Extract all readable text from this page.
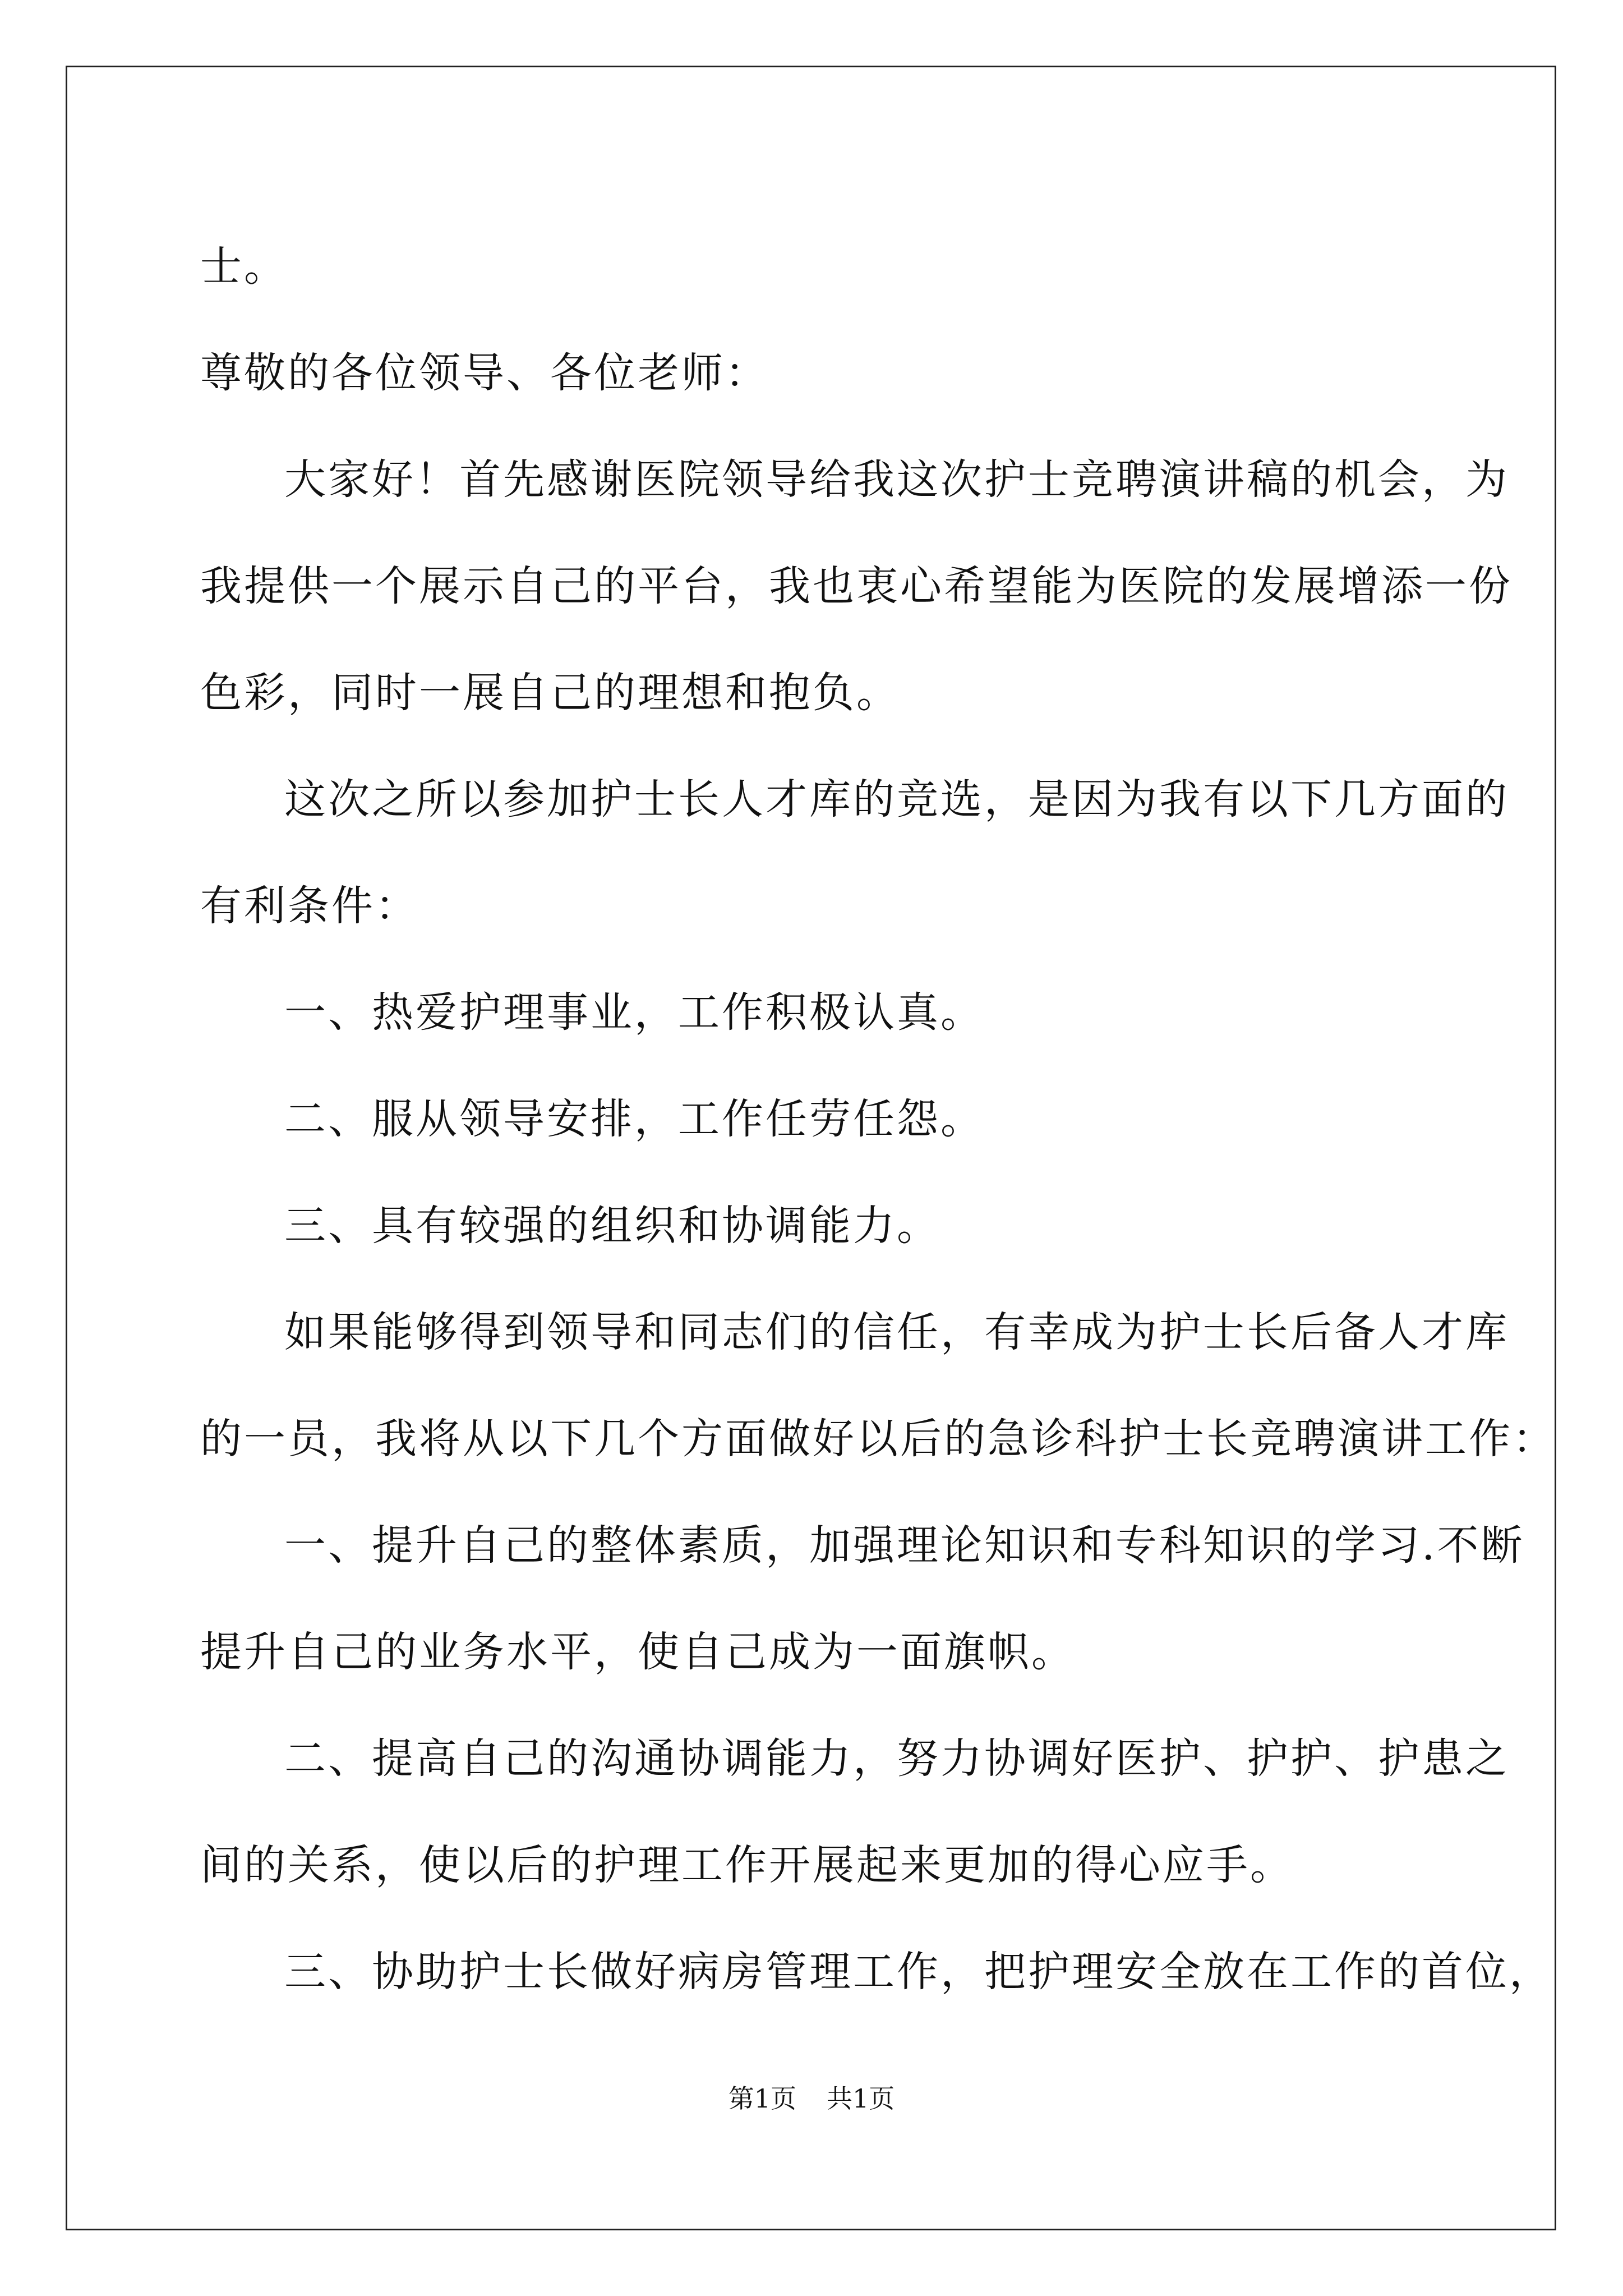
士。

尊敬的各位领导、各位老师：

大家好！首先感谢医院领导给我这次护士竞聘演讲稿的机会，为

我提供一个展示自己的平台，我也衷心希望能为医院的发展增添一份

色彩，同时一展自己的理想和抱负。

这次之所以参加护士长人才库的竞选，是因为我有以下几方面的

有利条件：

一、热爱护理事业，工作积极认真。

二、服从领导安排，工作任劳任怨。

三、具有较强的组织和协调能力。

如果能够得到领导和同志们的信任，有幸成为护士长后备人才库

的一员，我将从以下几个方面做好以后的急诊科护士长竞聘演讲工作：

一、提升自己的整体素质，加强理论知识和专科知识的学习.不断

提升自己的业务水平，使自己成为一面旗帜。

二、提高自己的沟通协调能力，努力协调好医护、护护、护患之

间的关系，使以后的护理工作开展起来更加的得心应手。

三、协助护士长做好病房管理工作，把护理安全放在工作的首位，

第1页 共1页
